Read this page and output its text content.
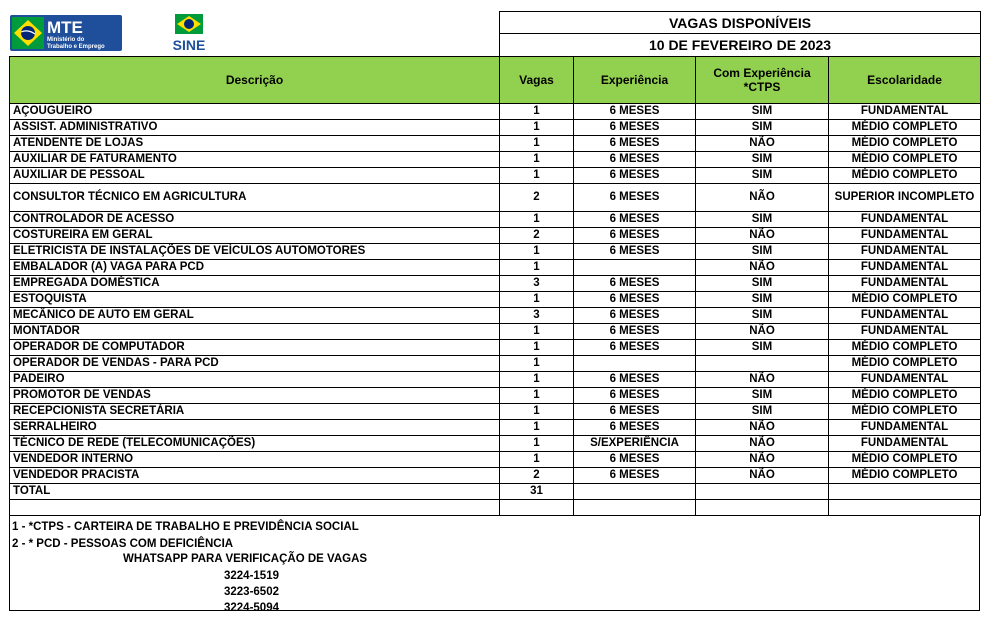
MTE
Ministério do
Trabalho e Emprego SINE	VAGAS DISPONÍVEIS			
	10 DE FEVEREIRO DE 2023			
Descrição	Vagas	Experiência	Com Experiência
*CTPS	Escolaridade
AÇOUGUEIRO	1	6 MESES	SIM	FUNDAMENTAL
ASSIST. ADMINISTRATIVO	1	6 MESES	SIM	MÉDIO COMPLETO
ATENDENTE DE LOJAS	1	6 MESES	NÃO	MÉDIO COMPLETO
AUXILIAR DE FATURAMENTO	1	6 MESES	SIM	MÉDIO COMPLETO
AUXILIAR DE PESSOAL	1	6 MESES	SIM	MÉDIO COMPLETO
CONSULTOR TÉCNICO EM AGRICULTURA	2	6 MESES	NÃO	SUPERIOR INCOMPLETO
CONTROLADOR DE ACESSO	1	6 MESES	SIM	FUNDAMENTAL
COSTUREIRA EM GERAL	2	6 MESES	NÃO	FUNDAMENTAL
ELETRICISTA DE INSTALAÇÕES DE VEÍCULOS AUTOMOTORES	1	6 MESES	SIM	FUNDAMENTAL
EMBALADOR (A) VAGA PARA PCD	1		NÃO	FUNDAMENTAL
EMPREGADA DOMÉSTICA	3	6 MESES	SIM	FUNDAMENTAL
ESTOQUISTA	1	6 MESES	SIM	MÉDIO COMPLETO
MECÂNICO DE AUTO EM GERAL	3	6 MESES	SIM	FUNDAMENTAL
MONTADOR	1	6 MESES	NÃO	FUNDAMENTAL
OPERADOR DE COMPUTADOR	1	6 MESES	SIM	MÉDIO COMPLETO
OPERADOR DE VENDAS - PARA PCD	1			MÉDIO COMPLETO
PADEIRO	1	6 MESES	NÃO	FUNDAMENTAL
PROMOTOR DE VENDAS	1	6 MESES	SIM	MÉDIO COMPLETO
RECEPCIONISTA SECRETÁRIA	1	6 MESES	SIM	MÉDIO COMPLETO
SERRALHEIRO	1	6 MESES	NÃO	FUNDAMENTAL
TÉCNICO DE REDE (TELECOMUNICAÇÕES)	1	S/EXPERIÊNCIA	NÃO	FUNDAMENTAL
VENDEDOR INTERNO	1	6 MESES	NÃO	MÉDIO COMPLETO
VENDEDOR PRACISTA	2	6 MESES	NÃO	MÉDIO COMPLETO
TOTAL	31			

1 - *CTPS - CARTEIRA DE TRABALHO E PREVIDÊNCIA SOCIAL
2 - * PCD - PESSOAS COM DEFICIÊNCIA
WHATSAPP PARA VERIFICAÇÃO DE VAGAS
3224-1519
3223-6502
3224-5094
